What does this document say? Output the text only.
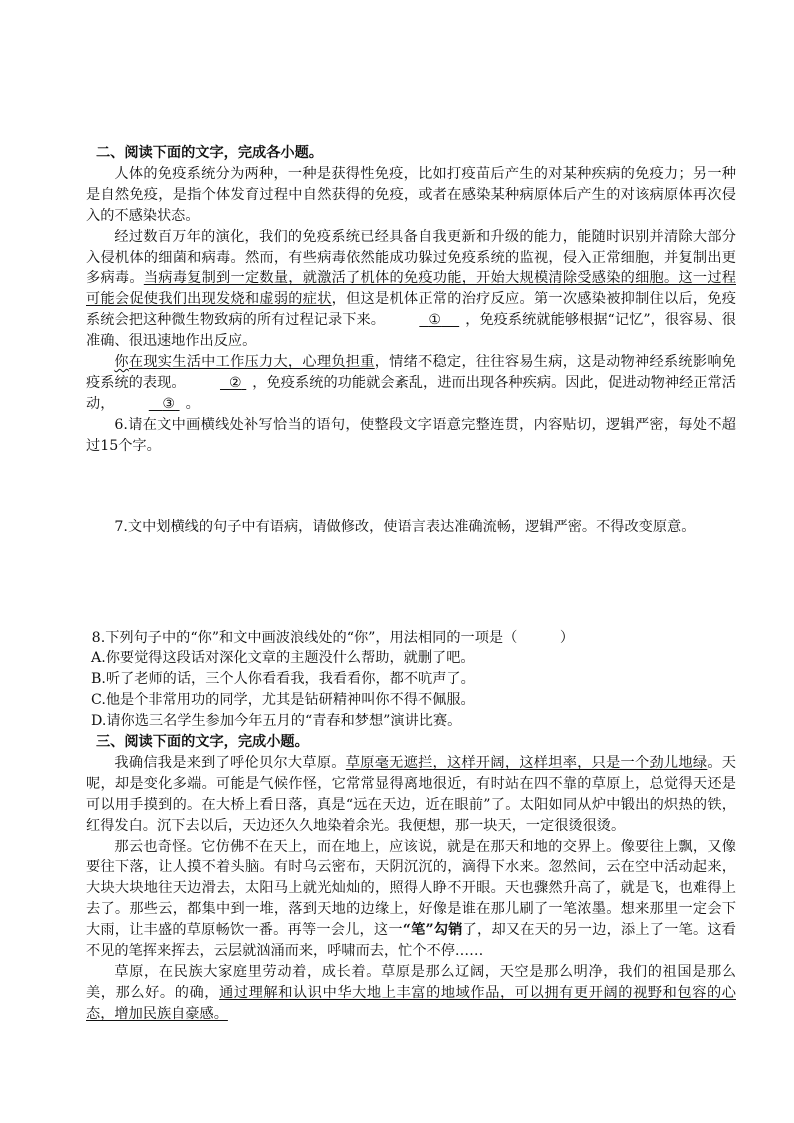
二、阅读下面的文字，完成各小题。

人体的免疫系统分为两种，一种是获得性免疫，比如打疫苗后产生的对某种疾病的免疫力；另一种是自然免疫，是指个体发育过程中自然获得的免疫，或者在感染某种病原体后产生的对该病原体再次侵入的不感染状态。

经过数百万年的演化，我们的免疫系统已经具备自我更新和升级的能力，能随时识别并清除大部分入侵机体的细菌和病毒。然而，有些病毒依然能成功躲过免疫系统的监视，侵入正常细胞，并复制出更多病毒。当病毒复制到一定数量，就激活了机体的免疫功能，开始大规模清除受感染的细胞。这一过程可能会促使我们出现发烧和虚弱的症状，但这是机体正常的治疗反应。第一次感染被抑制住以后，免疫系统会把这种微生物致病的所有过程记录下来。	① ，免疫系统就能够根据“记忆”，很容易、很准确、很迅速地作出反应。

你在现实生活中工作压力大，心理负担重，情绪不稳定，往往容易生病，这是动物神经系统影响免疫系统的表现。	② ，免疫系统的功能就会紊乱，进而出现各种疾病。因此，促进动物神经正常活动，	③ 。

6.请在文中画横线处补写恰当的语句，使整段文字语意完整连贯，内容贴切，逻辑严密，每处不超过15个字。

7.文中划横线的句子中有语病，请做修改，使语言表达准确流畅，逻辑严密。不得改变原意。

8.下列句子中的“你”和文中画波浪线处的“你”，用法相同的一项是（　　　）

A.你要觉得这段话对深化文章的主题没什么帮助，就删了吧。

B.听了老师的话，三个人你看看我，我看看你，都不吭声了。

C.他是个非常用功的同学，尤其是钻研精神叫你不得不佩服。

D.请你选三名学生参加今年五月的“青春和梦想”演讲比赛。

三、阅读下面的文字，完成小题。

我确信我是来到了呼伦贝尔大草原。草原毫无遮拦，这样开阔，这样坦率，只是一个劲儿地绿。天呢，却是变化多端。可能是气候作怪，它常常显得离地很近，有时站在四不靠的草原上，总觉得天还是可以用手摸到的。在大桥上看日落，真是“远在天边，近在眼前”了。太阳如同从炉中锻出的炽热的铁，红得发白。沉下去以后，天边还久久地染着余光。我便想，那一块天，一定很烫很烫。

那云也奇怪。它仿佛不在天上，而在地上，应该说，就是在那天和地的交界上。像要往上飘，又像要往下落，让人摸不着头脑。有时乌云密布，天阴沉沉的，滴得下水来。忽然间，云在空中活动起来，大块大块地往天边滑去，太阳马上就光灿灿的，照得人睁不开眼。天也骤然升高了，就是飞，也难得上去了。那些云，都集中到一堆，落到天地的边缘上，好像是谁在那儿刷了一笔浓墨。想来那里一定会下大雨，让丰盛的草原畅饮一番。再等一会儿，这一“笔”勾销了，却又在天的另一边，添上了一笔。这看不见的笔挥来挥去，云层就汹涌而来，呼啸而去，忙个不停……

草原，在民族大家庭里劳动着，成长着。草原是那么辽阔，天空是那么明净，我们的祖国是那么美，那么好。的确，通过理解和认识中华大地上丰富的地域作品，可以拥有更开阔的视野和包容的心态，增加民族自豪感。
